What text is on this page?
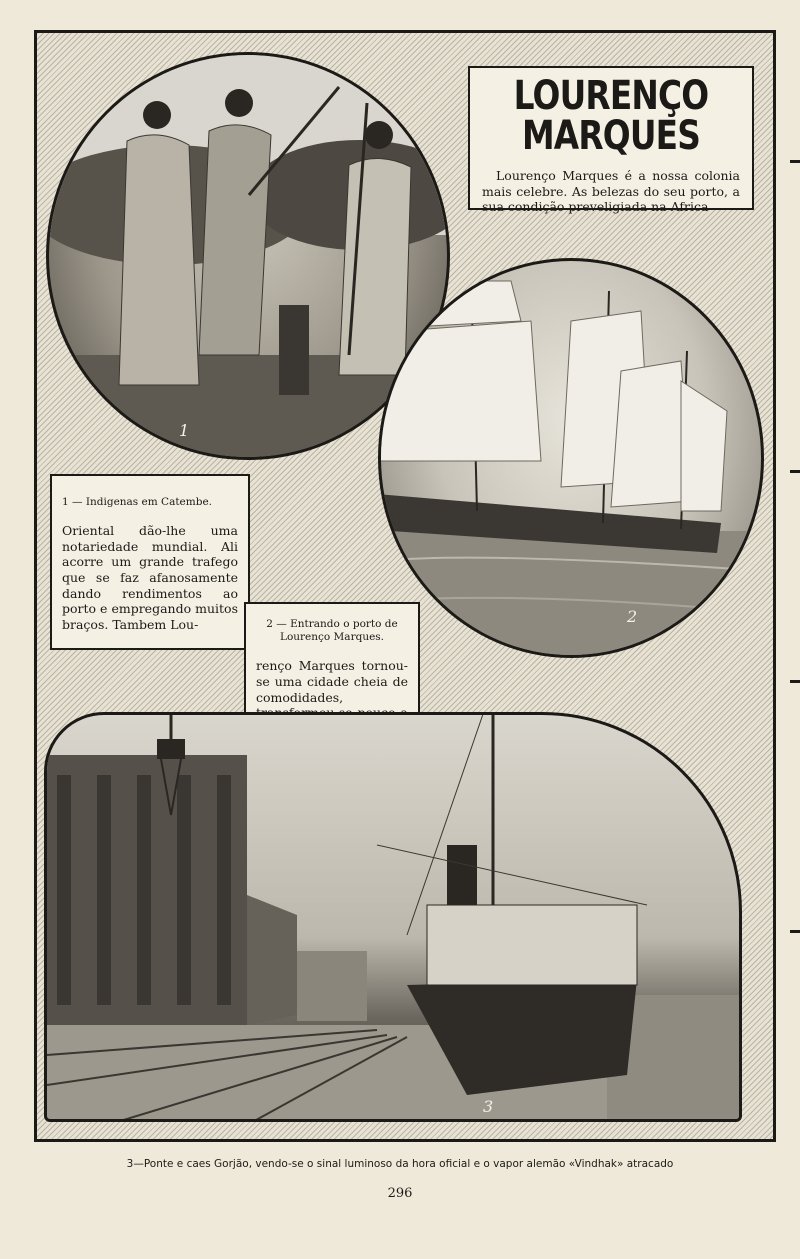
1
LOURENÇO MARQUES

Lourenço Marques é a nossa colonia mais celebre. As belezas do seu porto, a sua condição preveligiada na Africa

2

1 — Indigenas em Catembe.

Oriental dão-lhe uma notariedade mundial. Ali acorre um grande trafego que se faz afanosamente dando rendimentos ao porto e empregando muitos braços. Tambem Lou-	2 — Entrando o porto de Lourenço Marques.

renço Marques tornou-se uma cidade cheia de comodidades,

3
3—Ponte e caes Gorjão, vendo-se o sinal luminoso da hora oficial e o vapor alemão «Vindhak» atracado
296
